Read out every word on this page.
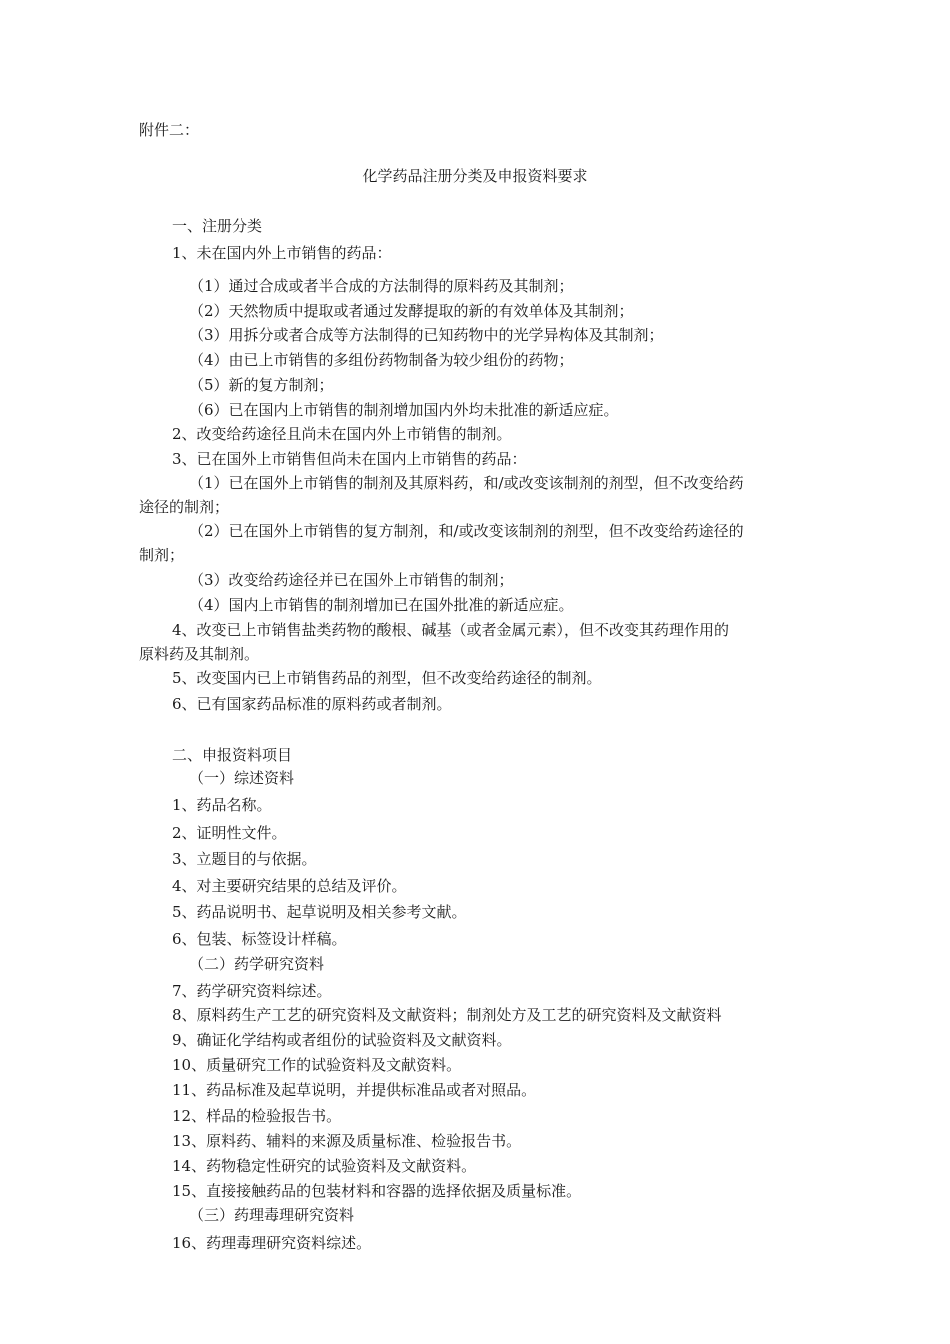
附件二：
化学药品注册分类及申报资料要求
一、注册分类
1、未在国内外上市销售的药品：
（1）通过合成或者半合成的方法制得的原料药及其制剂；
（2）天然物质中提取或者通过发酵提取的新的有效单体及其制剂；
（3）用拆分或者合成等方法制得的已知药物中的光学异构体及其制剂；
（4）由已上市销售的多组份药物制备为较少组份的药物；
（5）新的复方制剂；
（6）已在国内上市销售的制剂增加国内外均未批准的新适应症。
2、改变给药途径且尚未在国内外上市销售的制剂。
3、已在国外上市销售但尚未在国内上市销售的药品：
（1）已在国外上市销售的制剂及其原料药，和/或改变该制剂的剂型，但不改变给药
途径的制剂；
（2）已在国外上市销售的复方制剂，和/或改变该制剂的剂型，但不改变给药途径的
制剂；
（3）改变给药途径并已在国外上市销售的制剂；
（4）国内上市销售的制剂增加已在国外批准的新适应症。
4、改变已上市销售盐类药物的酸根、碱基（或者金属元素），但不改变其药理作用的
原料药及其制剂。
5、改变国内已上市销售药品的剂型，但不改变给药途径的制剂。
6、已有国家药品标准的原料药或者制剂。
二、申报资料项目
（一）综述资料
1、药品名称。
2、证明性文件。
3、立题目的与依据。
4、对主要研究结果的总结及评价。
5、药品说明书、起草说明及相关参考文献。
6、包装、标签设计样稿。
（二）药学研究资料
7、药学研究资料综述。
8、原料药生产工艺的研究资料及文献资料；制剂处方及工艺的研究资料及文献资料
9、确证化学结构或者组份的试验资料及文献资料。
10、质量研究工作的试验资料及文献资料。
11、药品标准及起草说明，并提供标准品或者对照品。
12、样品的检验报告书。
13、原料药、辅料的来源及质量标准、检验报告书。
14、药物稳定性研究的试验资料及文献资料。
15、直接接触药品的包装材料和容器的选择依据及质量标准。
（三）药理毒理研究资料
16、药理毒理研究资料综述。
